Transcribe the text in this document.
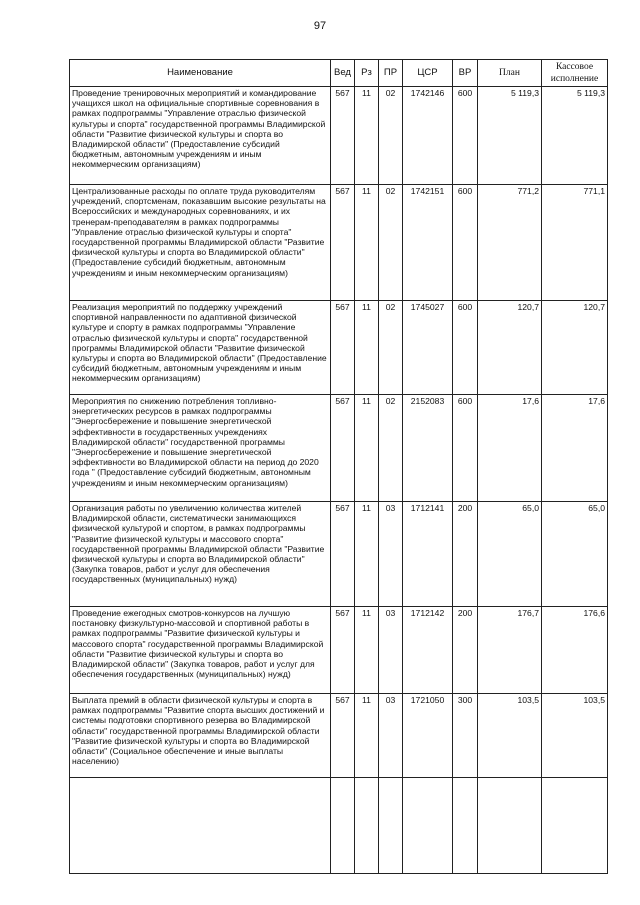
97
Наименование	Вед	Рз	ПР	ЦСР	ВР	План	Кассовое исполнение
Проведение тренировочных мероприятий и командирование учащихся школ на официальные спортивные соревнования в рамках подпрограммы "Управление отраслью физической культуры и спорта" государственной программы Владимирской области "Развитие физической культуры и спорта во Владимирской области" (Предоставление субсидий бюджетным, автономным учреждениям и иным некоммерческим организациям)	567	11	02	1742146	600	5 119,3	5 119,3
Централизованные расходы по оплате труда руководителям учреждений, спортсменам, показавшим высокие результаты на Всероссийских и международных соревнованиях, и их тренерам-преподавателям в рамках подпрограммы "Управление отраслью физической культуры и спорта" государственной программы Владимирской области "Развитие физической культуры и спорта во Владимирской области" (Предоставление субсидий бюджетным, автономным учреждениям и иным некоммерческим организациям)	567	11	02	1742151	600	771,2	771,1
Реализация мероприятий по поддержку учреждений спортивной направленности по адаптивной физической культуре и спорту в рамках подпрограммы "Управление отраслью физической культуры и спорта" государственной программы Владимирской области "Развитие физической культуры и спорта во Владимирской области" (Предоставление субсидий бюджетным, автономным учреждениям и иным некоммерческим организациям)	567	11	02	1745027	600	120,7	120,7
Мероприятия по снижению потребления топливно-энергетических ресурсов в рамках подпрограммы "Энергосбережение и повышение энергетической эффективности в государственных учреждениях Владимирской области" государственной программы "Энергосбережение и повышение энергетической эффективности во Владимирской области на период до 2020 года " (Предоставление субсидий бюджетным, автономным учреждениям и иным некоммерческим организациям)	567	11	02	2152083	600	17,6	17,6
Организация работы по увеличению количества жителей Владимирской области, систематически занимающихся физической культурой и спортом, в рамках подпрограммы "Развитие физической культуры и массового спорта" государственной программы Владимирской области "Развитие физической культуры и спорта во Владимирской области" (Закупка товаров, работ и услуг для обеспечения государственных (муниципальных) нужд)	567	11	03	1712141	200	65,0	65,0
Проведение ежегодных смотров-конкурсов на лучшую постановку физкультурно-массовой и спортивной работы в рамках подпрограммы "Развитие физической культуры и массового спорта" государственной программы Владимирской области "Развитие физической культуры и спорта во Владимирской области" (Закупка товаров, работ и услуг для обеспечения государственных (муниципальных) нужд)	567	11	03	1712142	200	176,7	176,6
Выплата премий в области физической культуры и спорта в рамках подпрограммы "Развитие спорта высших достижений и системы подготовки спортивного резерва во Владимирской области" государственной программы Владимирской области "Развитие физической культуры и спорта во Владимирской области" (Социальное обеспечение и иные выплаты населению)	567	11	03	1721050	300	103,5	103,5
